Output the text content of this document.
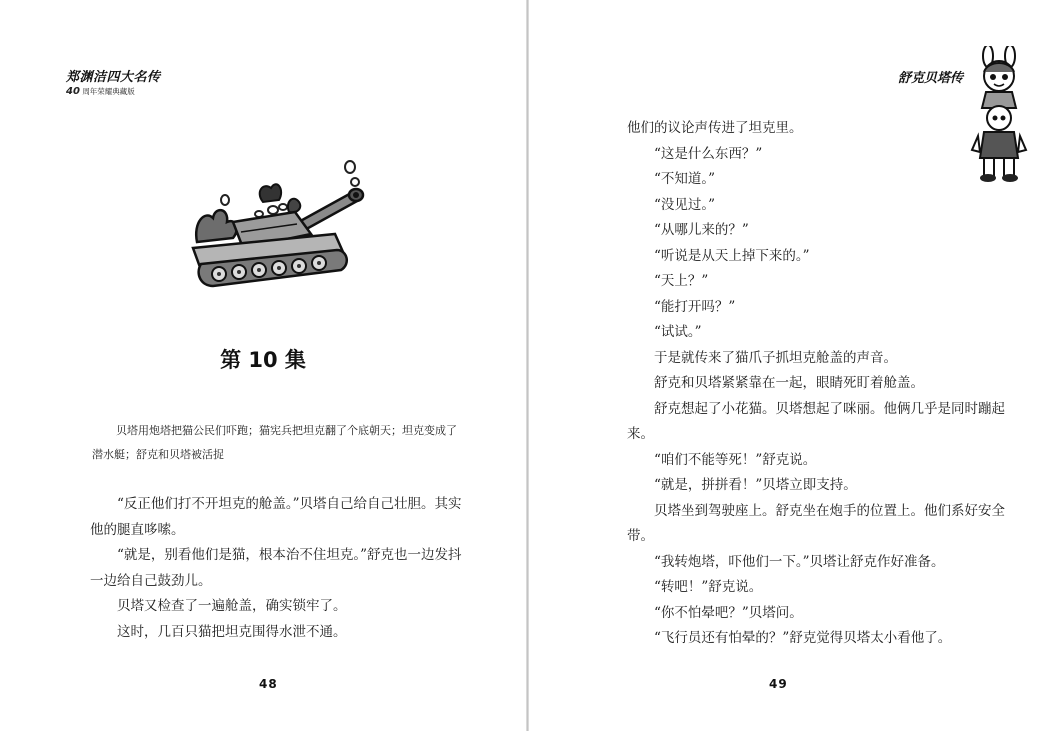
郑渊洁四大名传
40 周年荣耀典藏版
第 10 集
贝塔用炮塔把猫公民们吓跑；猫宪兵把坦克翻了个底朝天；坦克变成了潜水艇；舒克和贝塔被活捉

“反正他们打不开坦克的舱盖。”贝塔自己给自己壮胆。其实他的腿直哆嗦。

“就是，别看他们是猫，根本治不住坦克。”舒克也一边发抖一边给自己鼓劲儿。

贝塔又检查了一遍舱盖，确实锁牢了。

这时，几百只猫把坦克围得水泄不通。

48
舒克贝塔传

他们的议论声传进了坦克里。

“这是什么东西？”

“不知道。”

“没见过。”

“从哪儿来的？”

“听说是从天上掉下来的。”

“天上？”

“能打开吗？”

“试试。”

于是就传来了猫爪子抓坦克舱盖的声音。

舒克和贝塔紧紧靠在一起，眼睛死盯着舱盖。

舒克想起了小花猫。贝塔想起了咪丽。他俩几乎是同时蹦起来。

“咱们不能等死！”舒克说。

“就是，拼拼看！”贝塔立即支持。

贝塔坐到驾驶座上。舒克坐在炮手的位置上。他们系好安全带。

“我转炮塔，吓他们一下。”贝塔让舒克作好准备。

“转吧！”舒克说。

“你不怕晕吧？”贝塔问。

“飞行员还有怕晕的？”舒克觉得贝塔太小看他了。

49
